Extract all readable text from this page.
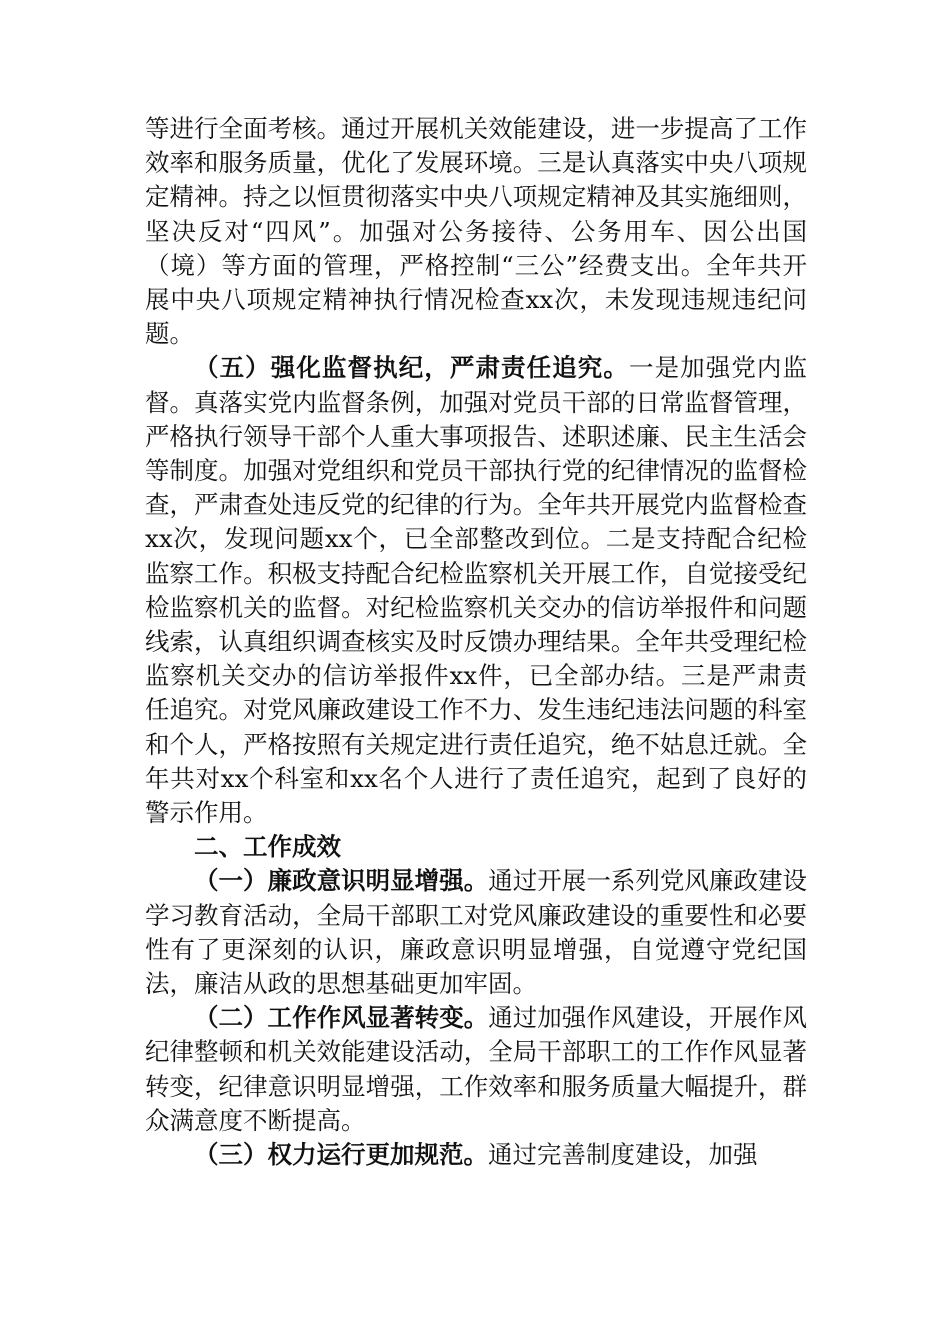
等进行全面考核。通过开展机关效能建设，进一步提高了工作效率和服务质量，优化了发展环境。三是认真落实中央八项规定精神。持之以恒贯彻落实中央八项规定精神及其实施细则，坚决反对“四风”。加强对公务接待、公务用车、因公出国（境）等方面的管理，严格控制“三公”经费支出。全年共开展中央八项规定精神执行情况检查xx次，未发现违规违纪问题。

（五）强化监督执纪，严肃责任追究。一是加强党内监督。真落实党内监督条例，加强对党员干部的日常监督管理，严格执行领导干部个人重大事项报告、述职述廉、民主生活会等制度。加强对党组织和党员干部执行党的纪律情况的监督检查，严肃查处违反党的纪律的行为。全年共开展党内监督检查xx次，发现问题xx个，已全部整改到位。二是支持配合纪检监察工作。积极支持配合纪检监察机关开展工作，自觉接受纪检监察机关的监督。对纪检监察机关交办的信访举报件和问题线索，认真组织调查核实及时反馈办理结果。全年共受理纪检监察机关交办的信访举报件xx件，已全部办结。三是严肃责任追究。对党风廉政建设工作不力、发生违纪违法问题的科室和个人，严格按照有关规定进行责任追究，绝不姑息迁就。全年共对xx个科室和xx名个人进行了责任追究，起到了良好的警示作用。

二、工作成效

（一）廉政意识明显增强。通过开展一系列党风廉政建设学习教育活动，全局干部职工对党风廉政建设的重要性和必要性有了更深刻的认识，廉政意识明显增强，自觉遵守党纪国法，廉洁从政的思想基础更加牢固。

（二）工作作风显著转变。通过加强作风建设，开展作风纪律整顿和机关效能建设活动，全局干部职工的工作作风显著转变，纪律意识明显增强，工作效率和服务质量大幅提升，群众满意度不断提高。

（三）权力运行更加规范。通过完善制度建设，加强
